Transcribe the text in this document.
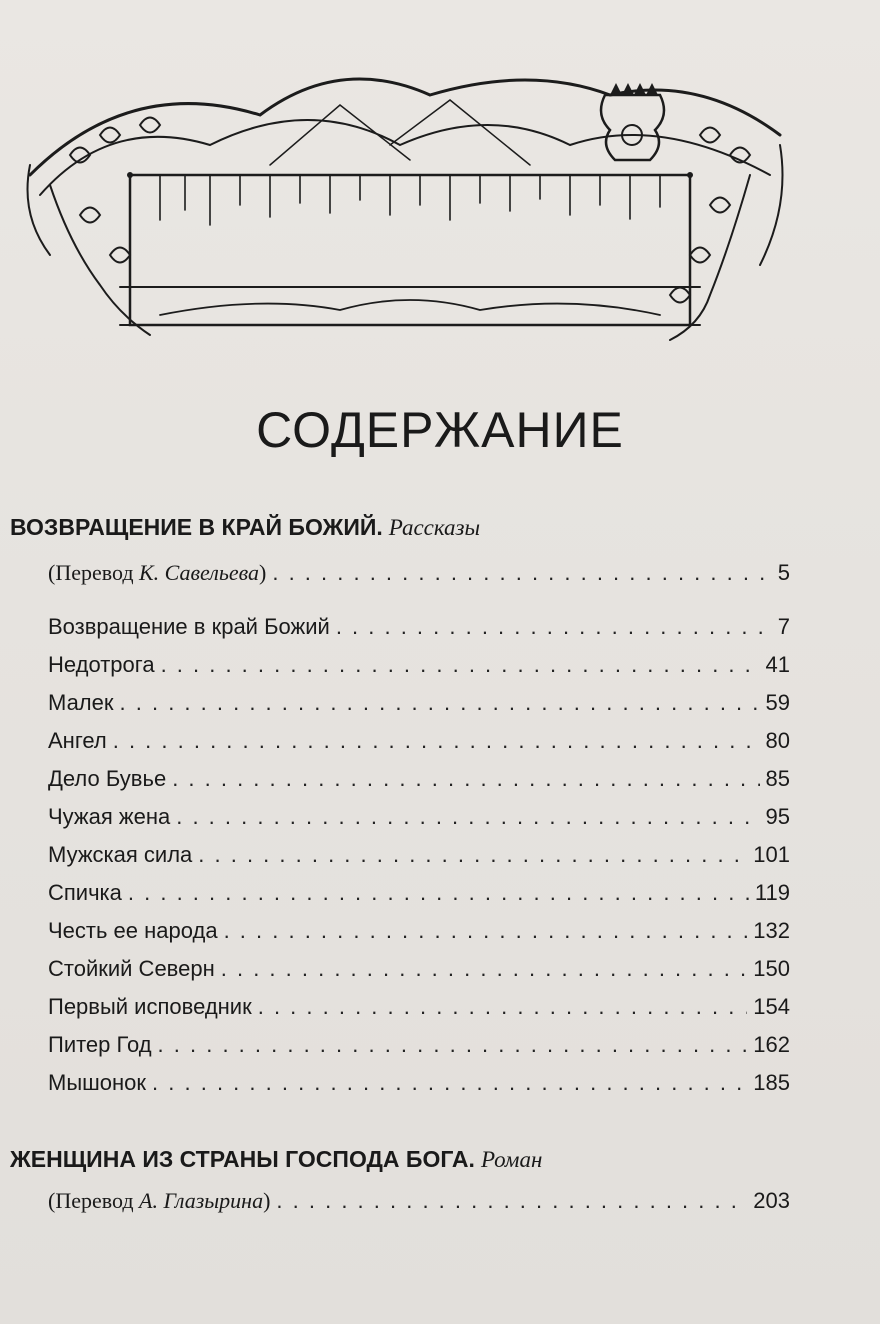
СОДЕРЖАНИЕ
ВОЗВРАЩЕНИЕ В КРАЙ БОЖИЙ. Рассказы
(Перевод К. Савельева) . . .	5
Возвращение в край Божий . . .	7
Недотрога . . .	41
Малек . . .	59
Ангел . . .	80
Дело Бувье . . .	85
Чужая жена . . .	95
Мужская сила . . .	101
Спичка . . .	119
Честь ее народа . . .	132
Стойкий Северн . . .	150
Первый исповедник . . .	154
Питер Год . . .	162
Мышонок . . .	185
ЖЕНЩИНА ИЗ СТРАНЫ ГОСПОДА БОГА. Роман
(Перевод А. Глазырина) . . .	203
